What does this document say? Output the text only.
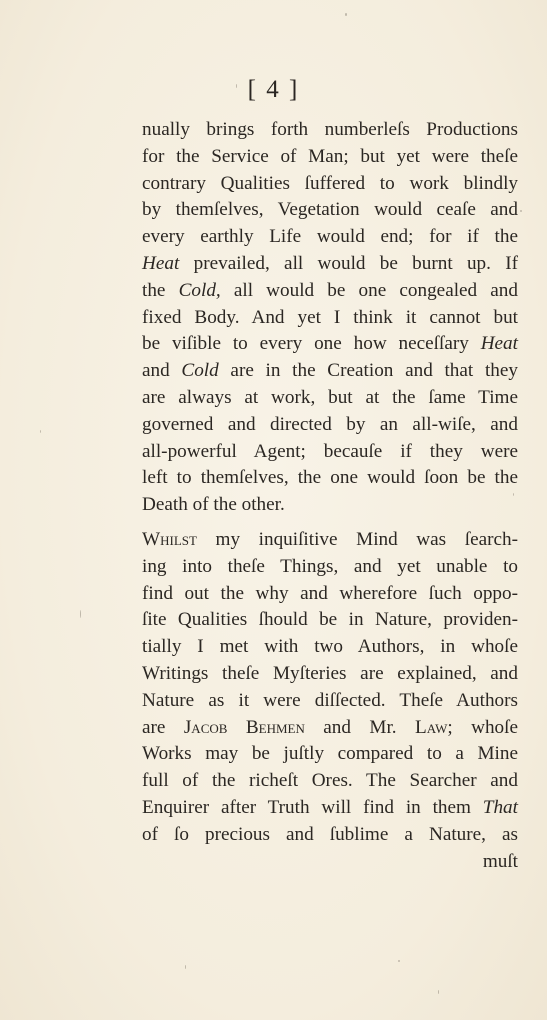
[ 4 ]
nually brings forth numberleſs Productions
for the Service of Man; but yet were theſe
contrary Qualities ſuffered to work blindly
by themſelves, Vegetation would ceaſe and
every earthly Life would end; for if the
Heat prevailed, all would be burnt up. If
the Cold, all would be one congealed and
fixed Body. And yet I think it cannot but
be viſible to every one how neceſſary Heat
and Cold are in the Creation and that they
are always at work, but at the ſame Time
governed and directed by an all-wiſe, and
all-powerful Agent; becauſe if they were
left to themſelves, the one would ſoon be the
Death of the other.
Whilst my inquiſitive Mind was ſearch-
ing into theſe Things, and yet unable to
find out the why and wherefore ſuch oppo-
ſite Qualities ſhould be in Nature, providen-
tially I met with two Authors, in whoſe
Writings theſe Myſteries are explained, and
Nature as it were diſſected. Theſe Authors
are Jacob Behmen and Mr. Law; whoſe
Works may be juſtly compared to a Mine
full of the richeſt Ores. The Searcher and
Enquirer after Truth will find in them That
of ſo precious and ſublime a Nature, as
muſt
